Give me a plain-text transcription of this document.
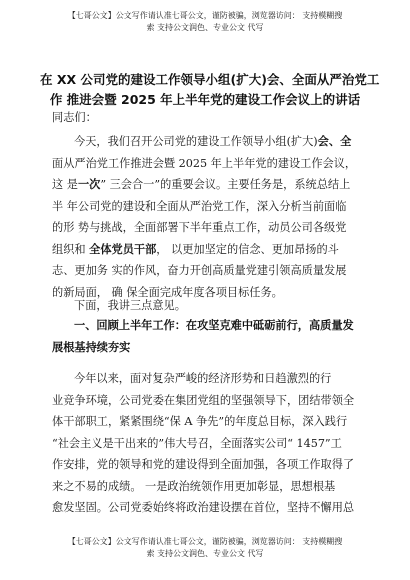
【七哥公文】公文写作请认准七哥公文，谨防被骗，浏览器访问： 支持模糊搜
索 支持公文润色、专业公文 代写
在 XX 公司党的建设工作领导小组(扩大)会、全面从严治党工
作 推进会暨 2025 年上半年党的建设工作会议上的讲话
同志们：
今天，我们召开公司党的建设工作领导小组(扩大)会、全
面从严治党工作推进会暨 2025 年上半年党的建设工作会议，
这 是一次” 三会合一”的重要会议。主要任务是，系统总结上
半 年公司党的建设和全面从严治党工作，深入分析当前面临
的形 势与挑战，全面部署下半年重点工作，动员公司各级党
组织和 全体党员干部， 以更加坚定的信念、更加昂扬的斗
志、更加务 实的作风，奋力开创高质量党建引领高质量发展
的新局面， 确 保全面完成年度各项目标任务。
下面，我讲三点意见。
一、回顾上半年工作：在攻坚克难中砥砺前行，高质量发
展根基持续夯实
今年以来，面对复杂严峻的经济形势和日趋激烈的行
业竞争环境，公司党委在集团党组的坚强领导下，团结带领全
体干部职工，紧紧围绕“保 A 争先”的年度总目标，深入践行
“社会主义是干出来的”伟大号召，全面落实公司“ 1457”工
作安排，党的领导和党的建设得到全面加强，各项工作取得了
来之不易的成绩。 一是政治统领作用更加彰显，思想根基
愈发坚固。公司党委始终将政治建设摆在首位，坚持不懈用总
【七哥公文】公文写作请认准七哥公文，谨防被骗，浏览器访问： 支持模糊搜
索 支持公文润色、专业公文 代写
